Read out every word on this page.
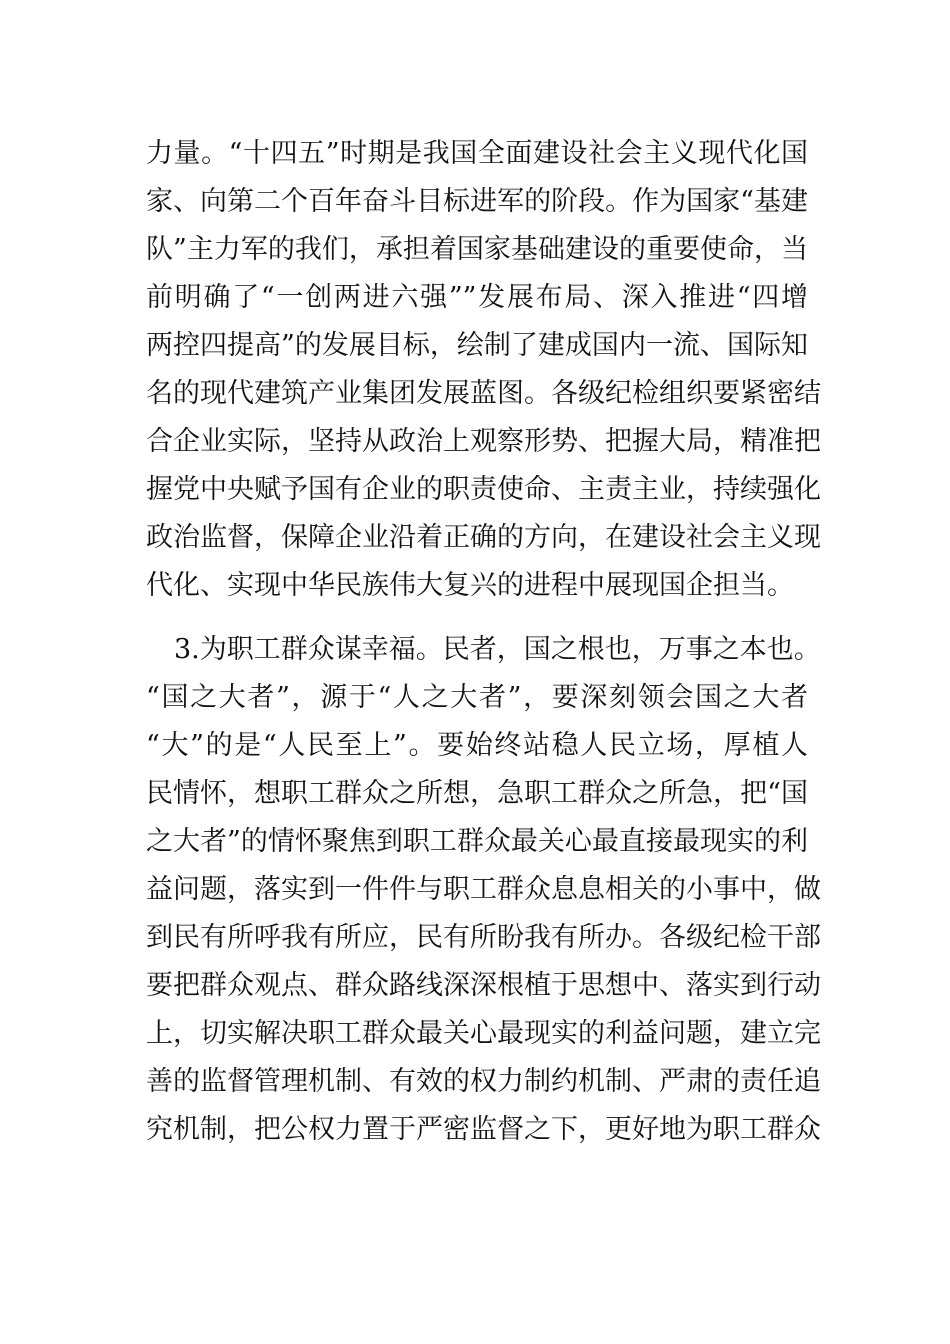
力量。“十四五”时期是我国全面建设社会主义现代化国
家、向第二个百年奋斗目标进军的阶段。作为国家“基建
队”主力军的我们，承担着国家基础建设的重要使命，当
前明确了“一创两进六强””发展布局、深入推进“四增
两控四提高”的发展目标，绘制了建成国内一流、国际知
名的现代建筑产业集团发展蓝图。各级纪检组织要紧密结
合企业实际，坚持从政治上观察形势、把握大局，精准把
握党中央赋予国有企业的职责使命、主责主业，持续强化
政治监督，保障企业沿着正确的方向，在建设社会主义现
代化、实现中华民族伟大复兴的进程中展现国企担当。
3.为职工群众谋幸福。民者，国之根也，万事之本也。
“国之大者”，源于“人之大者”，要深刻领会国之大者
“大”的是“人民至上”。要始终站稳人民立场，厚植人
民情怀，想职工群众之所想，急职工群众之所急，把“国
之大者”的情怀聚焦到职工群众最关心最直接最现实的利
益问题，落实到一件件与职工群众息息相关的小事中，做
到民有所呼我有所应，民有所盼我有所办。各级纪检干部
要把群众观点、群众路线深深根植于思想中、落实到行动
上，切实解决职工群众最关心最现实的利益问题，建立完
善的监督管理机制、有效的权力制约机制、严肃的责任追
究机制，把公权力置于严密监督之下，更好地为职工群众
